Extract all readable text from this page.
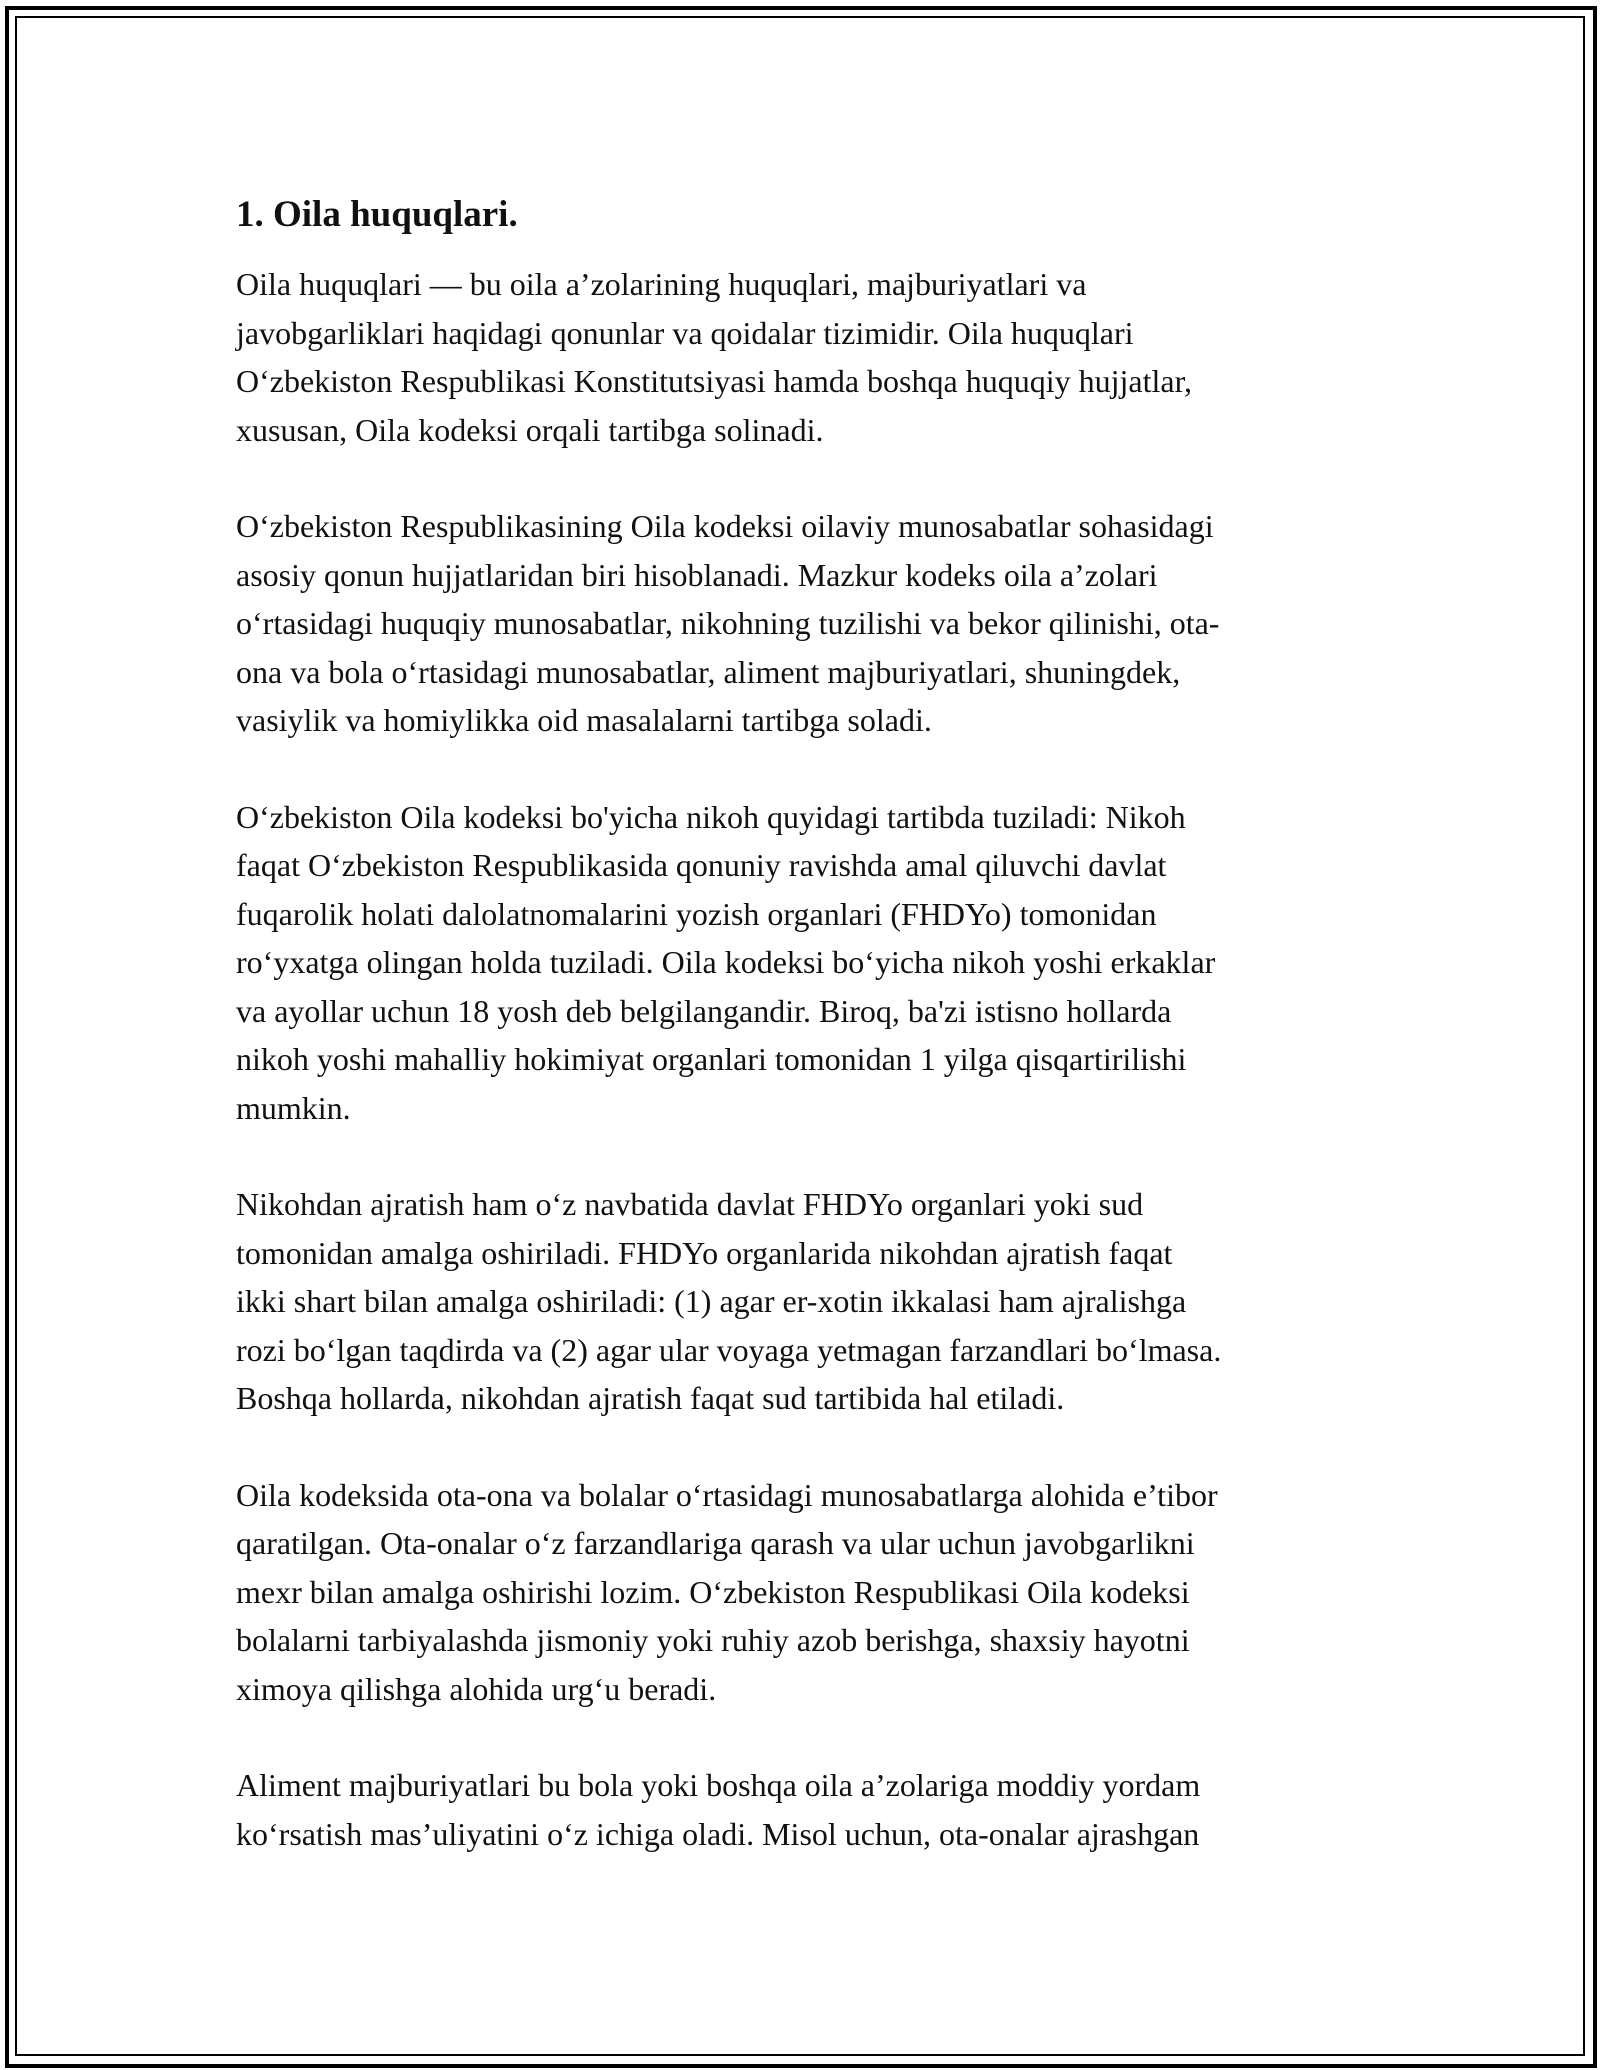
1. Oila huquqlari.

Oila huquqlari — bu oila a’zolarining huquqlari, majburiyatlari va
javobgarliklari haqidagi qonunlar va qoidalar tizimidir. Oila huquqlari
O‘zbekiston Respublikasi Konstitutsiyasi hamda boshqa huquqiy hujjatlar,
xususan, Oila kodeksi orqali tartibga solinadi.

O‘zbekiston Respublikasining Oila kodeksi oilaviy munosabatlar sohasidagi
asosiy qonun hujjatlaridan biri hisoblanadi. Mazkur kodeks oila a’zolari
o‘rtasidagi huquqiy munosabatlar, nikohning tuzilishi va bekor qilinishi, ota-
ona va bola o‘rtasidagi munosabatlar, aliment majburiyatlari, shuningdek,
vasiylik va homiylikka oid masalalarni tartibga soladi.

O‘zbekiston Oila kodeksi bo'yicha nikoh quyidagi tartibda tuziladi: Nikoh
faqat O‘zbekiston Respublikasida qonuniy ravishda amal qiluvchi davlat
fuqarolik holati dalolatnomalarini yozish organlari (FHDYo) tomonidan
ro‘yxatga olingan holda tuziladi. Oila kodeksi bo‘yicha nikoh yoshi erkaklar
va ayollar uchun 18 yosh deb belgilangandir. Biroq, ba'zi istisno hollarda
nikoh yoshi mahalliy hokimiyat organlari tomonidan 1 yilga qisqartirilishi
mumkin.

Nikohdan ajratish ham o‘z navbatida davlat FHDYo organlari yoki sud
tomonidan amalga oshiriladi. FHDYo organlarida nikohdan ajratish faqat
ikki shart bilan amalga oshiriladi: (1) agar er-xotin ikkalasi ham ajralishga
rozi bo‘lgan taqdirda va (2) agar ular voyaga yetmagan farzandlari bo‘lmasa.
Boshqa hollarda, nikohdan ajratish faqat sud tartibida hal etiladi.

Oila kodeksida ota-ona va bolalar o‘rtasidagi munosabatlarga alohida e’tibor
qaratilgan. Ota-onalar o‘z farzandlariga qarash va ular uchun javobgarlikni
mexr bilan amalga oshirishi lozim. O‘zbekiston Respublikasi Oila kodeksi
bolalarni tarbiyalashda jismoniy yoki ruhiy azob berishga, shaxsiy hayotni
ximoya qilishga alohida urg‘u beradi.

Aliment majburiyatlari bu bola yoki boshqa oila a’zolariga moddiy yordam
ko‘rsatish mas’uliyatini o‘z ichiga oladi. Misol uchun, ota-onalar ajrashgan
